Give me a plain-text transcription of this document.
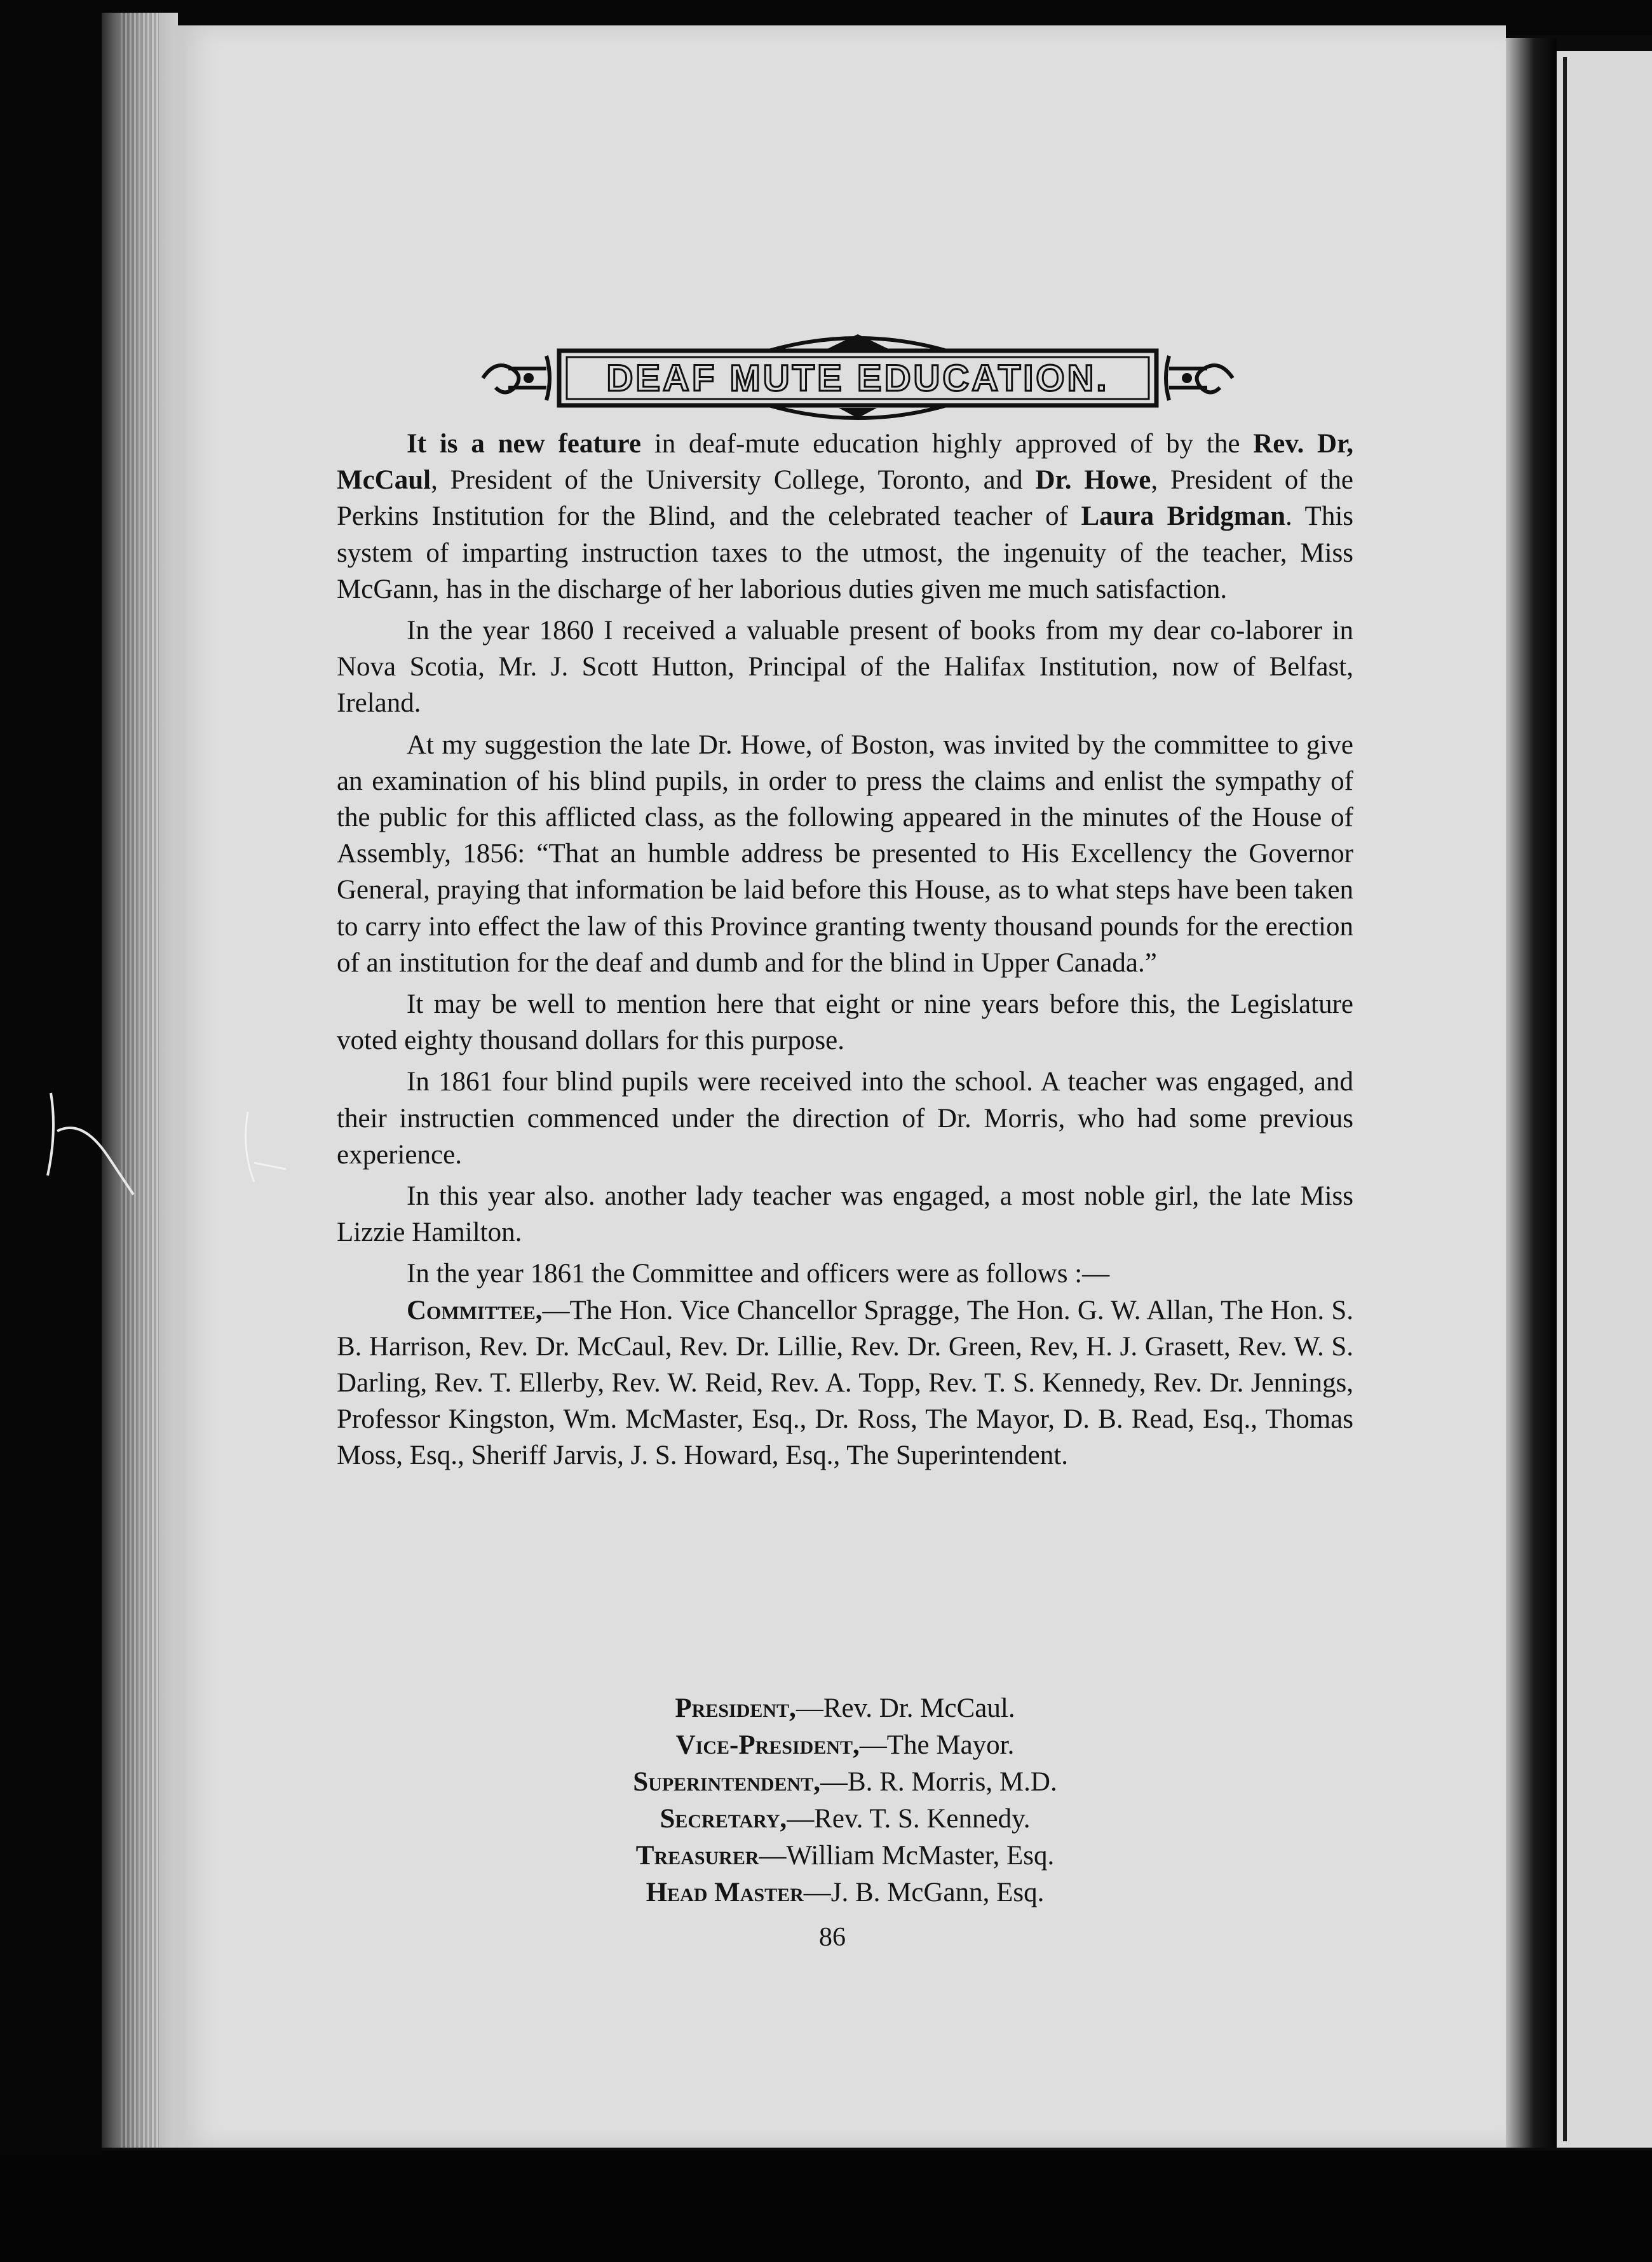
DEAF MUTE EDUCATION.

It is a new feature in deaf-mute education highly approved of by the Rev. Dr, McCaul, President of the University College, Toronto, and Dr. Howe, President of the Perkins Institution for the Blind, and the celebrated teacher of Laura Bridgman. This system of imparting instruction taxes to the utmost, the ingenuity of the teacher, Miss McGann, has in the discharge of her laborious duties given me much satisfaction.

In the year 1860 I received a valuable present of books from my dear co-laborer in Nova Scotia, Mr. J. Scott Hutton, Principal of the Halifax Institution, now of Belfast, Ireland.

At my suggestion the late Dr. Howe, of Boston, was invited by the committee to give an examination of his blind pupils, in order to press the claims and enlist the sympathy of the public for this afflicted class, as the following appeared in the minutes of the House of Assembly, 1856: “That an humble address be presented to His Excellency the Governor General, praying that information be laid before this House, as to what steps have been taken to carry into effect the law of this Province granting twenty thousand pounds for the erection of an institution for the deaf and dumb and for the blind in Upper Canada.”

It may be well to mention here that eight or nine years before this, the Legislature voted eighty thousand dollars for this purpose.

In 1861 four blind pupils were received into the school. A teacher was engaged, and their instructien commenced under the direction of Dr. Morris, who had some previous experience.

In this year also. another lady teacher was engaged, a most noble girl, the late Miss Lizzie Hamilton.

In the year 1861 the Committee and officers were as follows :—

Committee,—The Hon. Vice Chancellor Spragge, The Hon. G. W. Allan, The Hon. S. B. Harrison, Rev. Dr. McCaul, Rev. Dr. Lillie, Rev. Dr. Green, Rev, H. J. Grasett, Rev. W. S. Darling, Rev. T. Ellerby, Rev. W. Reid, Rev. A. Topp, Rev. T. S. Kennedy, Rev. Dr. Jennings, Professor Kingston, Wm. McMaster, Esq., Dr. Ross, The Mayor, D. B. Read, Esq., Thomas Moss, Esq., Sheriff Jarvis, J. S. Howard, Esq., The Superintendent.

President,—Rev. Dr. McCaul.
Vice-President,—The Mayor.
Superintendent,—B. R. Morris, M.D.
Secretary,—Rev. T. S. Kennedy.
Treasurer—William McMaster, Esq.
Head Master—J. B. McGann, Esq.
86
